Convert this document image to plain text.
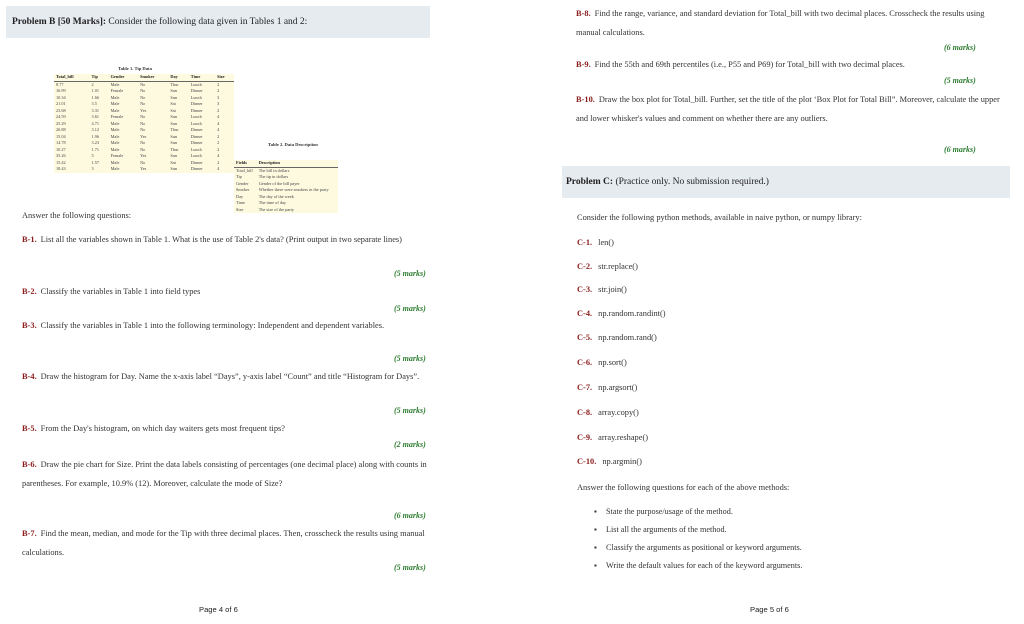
Problem B [50 Marks]: Consider the following data given in Tables 1 and 2:
Table 1. Tip Data
Total_bill	Tip	Gender	Smoker	Day	Time	Size
8.77	2	Male	No	Thur	Lunch	2
16.99	1.01	Female	No	Sun	Dinner	2
10.34	1.66	Male	No	Sun	Lunch	3
21.01	3.5	Male	No	Sat	Dinner	3
23.68	3.31	Male	Yes	Sat	Dinner	2
24.59	3.61	Female	No	Sun	Lunch	4
25.29	4.71	Male	No	Sun	Lunch	4
26.88	3.12	Male	No	Thur	Dinner	4
15.04	1.96	Male	Yes	Sun	Dinner	2
14.78	3.23	Male	No	Sun	Dinner	2
10.27	1.71	Male	No	Thur	Lunch	2
35.26	5	Female	Yes	Sun	Lunch	4
15.42	1.57	Male	No	Sat	Dinner	2
18.43	3	Male	Yes	Sun	Dinner	4
Table 2. Data Description
Fields	Description
Total_bill	The bill in dollars
Tip	The tip in dollars
Gender	Gender of the bill payer
Smoker	Whether there were smokers in the party
Day	The day of the week
Time	The time of day
Size	The size of the party
Answer the following questions:
B-1. List all the variables shown in Table 1. What is the use of Table 2's data? (Print output in two separate lines)
(5 marks)
B-2. Classify the variables in Table 1 into field types
(5 marks)
B-3. Classify the variables in Table 1 into the following terminology: Independent and dependent variables.
(5 marks)
B-4. Draw the histogram for Day. Name the x-axis label “Days”, y-axis label “Count” and title “Histogram for Days”.
(5 marks)
B-5. From the Day's histogram, on which day waiters gets most frequent tips?
(2 marks)
B-6. Draw the pie chart for Size. Print the data labels consisting of percentages (one decimal place) along with counts in parentheses. For example, 10.9% (12). Moreover, calculate the mode of Size?
(6 marks)
B-7. Find the mean, median, and mode for the Tip with three decimal places. Then, crosscheck the results using manual calculations.
(5 marks)
Page 4 of 6
B-8. Find the range, variance, and standard deviation for Total_bill with two decimal places. Crosscheck the results using manual calculations.
(6 marks)
B-9. Find the 55th and 69th percentiles (i.e., P55 and P69) for Total_bill with two decimal places.
(5 marks)
B-10. Draw the box plot for Total_bill. Further, set the title of the plot ‘Box Plot for Total Bill”. Moreover, calculate the upper and lower whisker's values and comment on whether there are any outliers.
(6 marks)
Problem C: (Practice only. No submission required.)
Consider the following python methods, available in naive python, or numpy library:
C-1. len()
C-2. str.replace()
C-3. str.join()
C-4. np.random.randint()
C-5. np.random.rand()
C-6. np.sort()
C-7. np.argsort()
C-8. array.copy()
C-9. array.reshape()
C-10. np.argmin()
Answer the following questions for each of the above methods:
▪ State the purpose/usage of the method.
▪ List all the arguments of the method.
▪ Classify the arguments as positional or keyword arguments.
▪ Write the default values for each of the keyword arguments.
Page 5 of 6
